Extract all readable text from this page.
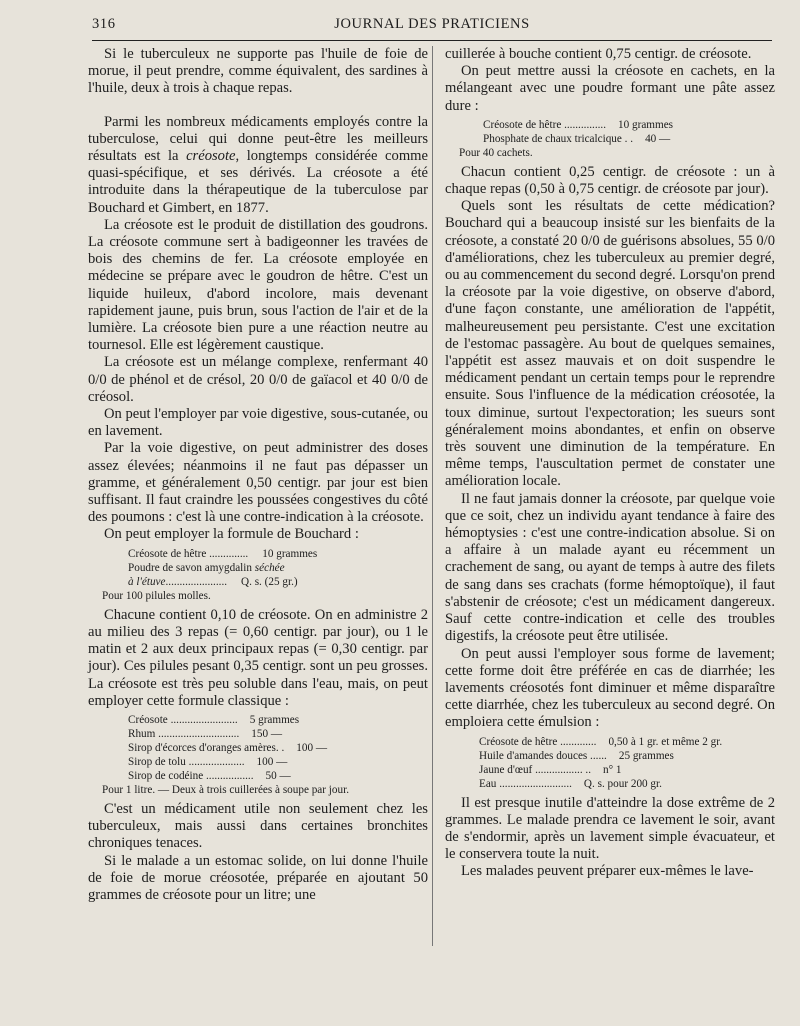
316	JOURNAL DES PRATICIENS

Si le tuberculeux ne supporte pas l'huile de foie de morue, il peut prendre, comme équivalent, des sardines à l'huile, deux à trois à chaque repas.

Parmi les nombreux médicaments employés contre la tuberculose, celui qui donne peut-être les meilleurs résultats est la créosote, longtemps considérée comme quasi-spécifique, et ses dérivés. La créosote a été introduite dans la thérapeutique de la tuberculose par Bouchard et Gimbert, en 1877.

La créosote est le produit de distillation des goudrons. La créosote commune sert à badigeonner les travées de bois des chemins de fer. La créosote employée en médecine se prépare avec le goudron de hêtre. C'est un liquide huileux, d'abord incolore, mais devenant rapidement jaune, puis brun, sous l'action de l'air et de la lumière. La créosote bien pure a une réaction neutre au tournesol. Elle est légèrement caustique.

La créosote est un mélange complexe, renfermant 40 0/0 de phénol et de crésol, 20 0/0 de gaïacol et 40 0/0 de créosol.

On peut l'employer par voie digestive, sous-cutanée, ou en lavement.

Par la voie digestive, on peut administrer des doses assez élevées; néanmoins il ne faut pas dépasser un gramme, et généralement 0,50 centigr. par jour est bien suffisant. Il faut craindre les poussées congestives du côté des poumons : c'est là une contre-indication à la créosote.

On peut employer la formule de Bouchard :

Créosote de hêtre .............. 10 grammes
Poudre de savon amygdalin séchée
à l'étuve...................... Q. s. (25 gr.)
Pour 100 pilules molles.

Chacune contient 0,10 de créosote. On en administre 2 au milieu des 3 repas (= 0,60 centigr. par jour), ou 1 le matin et 2 aux deux principaux repas (= 0,30 centigr. par jour). Ces pilules pesant 0,35 centigr. sont un peu grosses. La créosote est très peu soluble dans l'eau, mais, on peut employer cette formule classique :

Créosote ........................ 5 grammes
Rhum ............................. 150 —
Sirop d'écorces d'oranges amères. . 100 —
Sirop de tolu .................... 100 —
Sirop de codéine ................. 50 —
Pour 1 litre. — Deux à trois cuillerées à soupe par jour.

C'est un médicament utile non seulement chez les tuberculeux, mais aussi dans certaines bronchites chroniques tenaces.

Si le malade a un estomac solide, on lui donne l'huile de foie de morue créosotée, préparée en ajoutant 50 grammes de créosote pour un litre; une

cuillerée à bouche contient 0,75 centigr. de créosote.

On peut mettre aussi la créosote en cachets, en la mélangeant avec une poudre formant une pâte assez dure :

Créosote de hêtre ............... 10 grammes
Phosphate de chaux tricalcique . . 40 —
Pour 40 cachets.

Chacun contient 0,25 centigr. de créosote : un à chaque repas (0,50 à 0,75 centigr. de créosote par jour).

Quels sont les résultats de cette médication? Bouchard qui a beaucoup insisté sur les bienfaits de la créosote, a constaté 20 0/0 de guérisons absolues, 55 0/0 d'améliorations, chez les tuberculeux au premier degré, ou au commencement du second degré. Lorsqu'on prend la créosote par la voie digestive, on observe d'abord, d'une façon constante, une amélioration de l'appétit, malheureusement peu persistante. C'est une excitation de l'estomac passagère. Au bout de quelques semaines, l'appétit est assez mauvais et on doit suspendre le médicament pendant un certain temps pour le reprendre ensuite. Sous l'influence de la médication créosotée, la toux diminue, surtout l'expectoration; les sueurs sont généralement moins abondantes, et enfin on observe très souvent une diminution de la température. En même temps, l'auscultation permet de constater une amélioration locale.

Il ne faut jamais donner la créosote, par quelque voie que ce soit, chez un individu ayant tendance à faire des hémoptysies : c'est une contre-indication absolue. Si on a affaire à un malade ayant eu récemment un crachement de sang, ou ayant de temps à autre des filets de sang dans ses crachats (forme hémoptoïque), il faut s'abstenir de créosote; c'est un médicament dangereux. Sauf cette contre-indication et celle des troubles digestifs, la créosote peut être utilisée.

On peut aussi l'employer sous forme de lavement; cette forme doit être préférée en cas de diarrhée; les lavements créosotés font diminuer et même disparaître cette diarrhée, chez les tuberculeux au second degré. On emploiera cette émulsion :

Créosote de hêtre ............. 0,50 à 1 gr. et même 2 gr.
Huile d'amandes douces ...... 25 grammes
Jaune d'œuf ................. .. n° 1
Eau .......................... Q. s. pour 200 gr.

Il est presque inutile d'atteindre la dose extrême de 2 grammes. Le malade prendra ce lavement le soir, avant de s'endormir, après un lavement simple évacuateur, et le conservera toute la nuit.

Les malades peuvent préparer eux-mêmes le lave-
